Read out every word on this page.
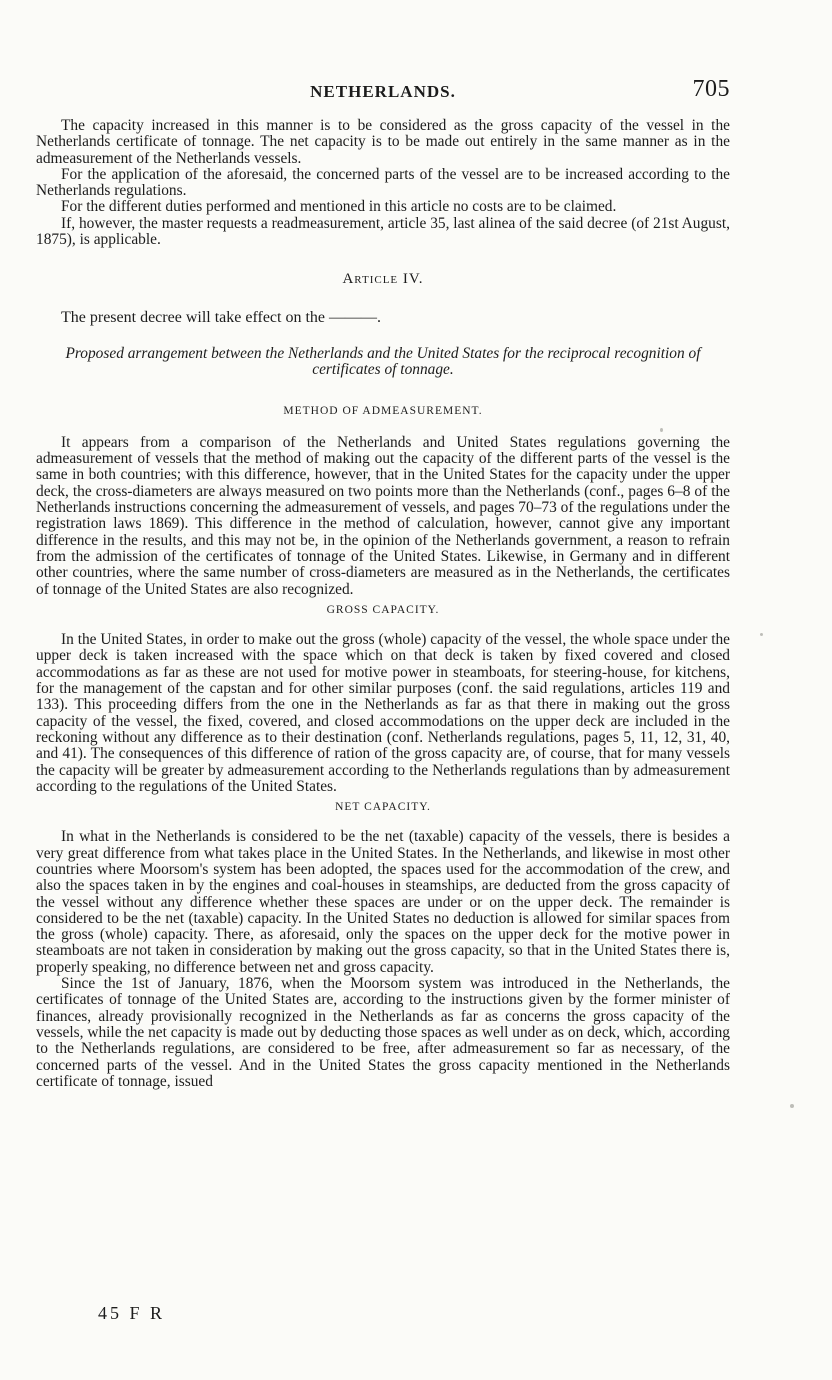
NETHERLANDS.	705

The capacity increased in this manner is to be considered as the gross capacity of the vessel in the Netherlands certificate of tonnage. The net capacity is to be made out entirely in the same manner as in the admeasurement of the Netherlands vessels.

For the application of the aforesaid, the concerned parts of the vessel are to be increased according to the Netherlands regulations.

For the different duties performed and mentioned in this article no costs are to be claimed.

If, however, the master requests a readmeasurement, article 35, last alinea of the said decree (of 21st August, 1875), is applicable.

Article IV.

The present decree will take effect on the ———.

Proposed arrangement between the Netherlands and the United States for the reciprocal recognition of certificates of tonnage.
METHOD OF ADMEASUREMENT.

It appears from a comparison of the Netherlands and United States regulations governing the admeasurement of vessels that the method of making out the capacity of the different parts of the vessel is the same in both countries; with this difference, however, that in the United States for the capacity under the upper deck, the cross-diameters are always measured on two points more than the Netherlands (conf., pages 6–8 of the Netherlands instructions concerning the admeasurement of vessels, and pages 70–73 of the regulations under the registration laws 1869). This difference in the method of calculation, however, cannot give any important difference in the results, and this may not be, in the opinion of the Netherlands government, a reason to refrain from the admission of the certificates of tonnage of the United States. Likewise, in Germany and in different other countries, where the same number of cross-diameters are measured as in the Netherlands, the certificates of tonnage of the United States are also recognized.

GROSS CAPACITY.

In the United States, in order to make out the gross (whole) capacity of the vessel, the whole space under the upper deck is taken increased with the space which on that deck is taken by fixed covered and closed accommodations as far as these are not used for motive power in steamboats, for steering-house, for kitchens, for the management of the capstan and for other similar purposes (conf. the said regulations, articles 119 and 133). This proceeding differs from the one in the Netherlands as far as that there in making out the gross capacity of the vessel, the fixed, covered, and closed accommodations on the upper deck are included in the reckoning without any difference as to their destination (conf. Netherlands regulations, pages 5, 11, 12, 31, 40, and 41). The consequences of this difference of ration of the gross capacity are, of course, that for many vessels the capacity will be greater by admeasurement according to the Netherlands regulations than by admeasurement according to the regulations of the United States.

NET CAPACITY.

In what in the Netherlands is considered to be the net (taxable) capacity of the vessels, there is besides a very great difference from what takes place in the United States. In the Netherlands, and likewise in most other countries where Moorsom's system has been adopted, the spaces used for the accommodation of the crew, and also the spaces taken in by the engines and coal-houses in steamships, are deducted from the gross capacity of the vessel without any difference whether these spaces are under or on the upper deck. The remainder is considered to be the net (taxable) capacity. In the United States no deduction is allowed for similar spaces from the gross (whole) capacity. There, as aforesaid, only the spaces on the upper deck for the motive power in steamboats are not taken in consideration by making out the gross capacity, so that in the United States there is, properly speaking, no difference between net and gross capacity.

Since the 1st of January, 1876, when the Moorsom system was introduced in the Netherlands, the certificates of tonnage of the United States are, according to the instructions given by the former minister of finances, already provisionally recognized in the Netherlands as far as concerns the gross capacity of the vessels, while the net capacity is made out by deducting those spaces as well under as on deck, which, according to the Netherlands regulations, are considered to be free, after admeasurement so far as necessary, of the concerned parts of the vessel. And in the United States the gross capacity mentioned in the Netherlands certificate of tonnage, issued

45 F R
